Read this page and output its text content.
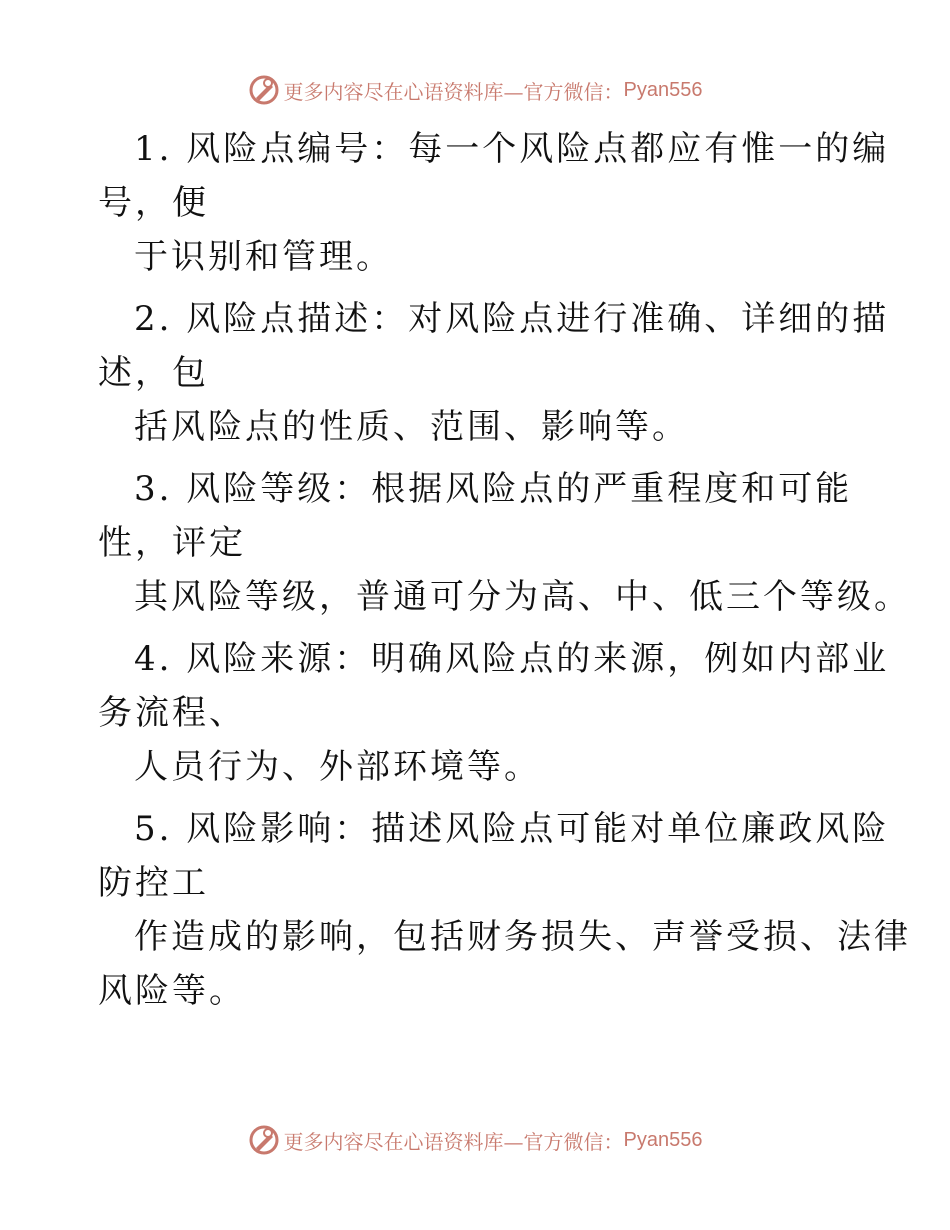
更多内容尽在心语资料库—官方微信： Pyan556
1. 风险点编号：每一个风险点都应有惟一的编
号，便
于识别和管理。
2. 风险点描述：对风险点进行准确、详细的描
述，包
括风险点的性质、范围、影响等。
3. 风险等级：根据风险点的严重程度和可能
性，评定
其风险等级，普通可分为高、中、低三个等级。
4. 风险来源：明确风险点的来源，例如内部业
务流程、
人员行为、外部环境等。
5. 风险影响：描述风险点可能对单位廉政风险
防控工
作造成的影响，包括财务损失、声誉受损、法律
风险等。
更多内容尽在心语资料库—官方微信： Pyan556
